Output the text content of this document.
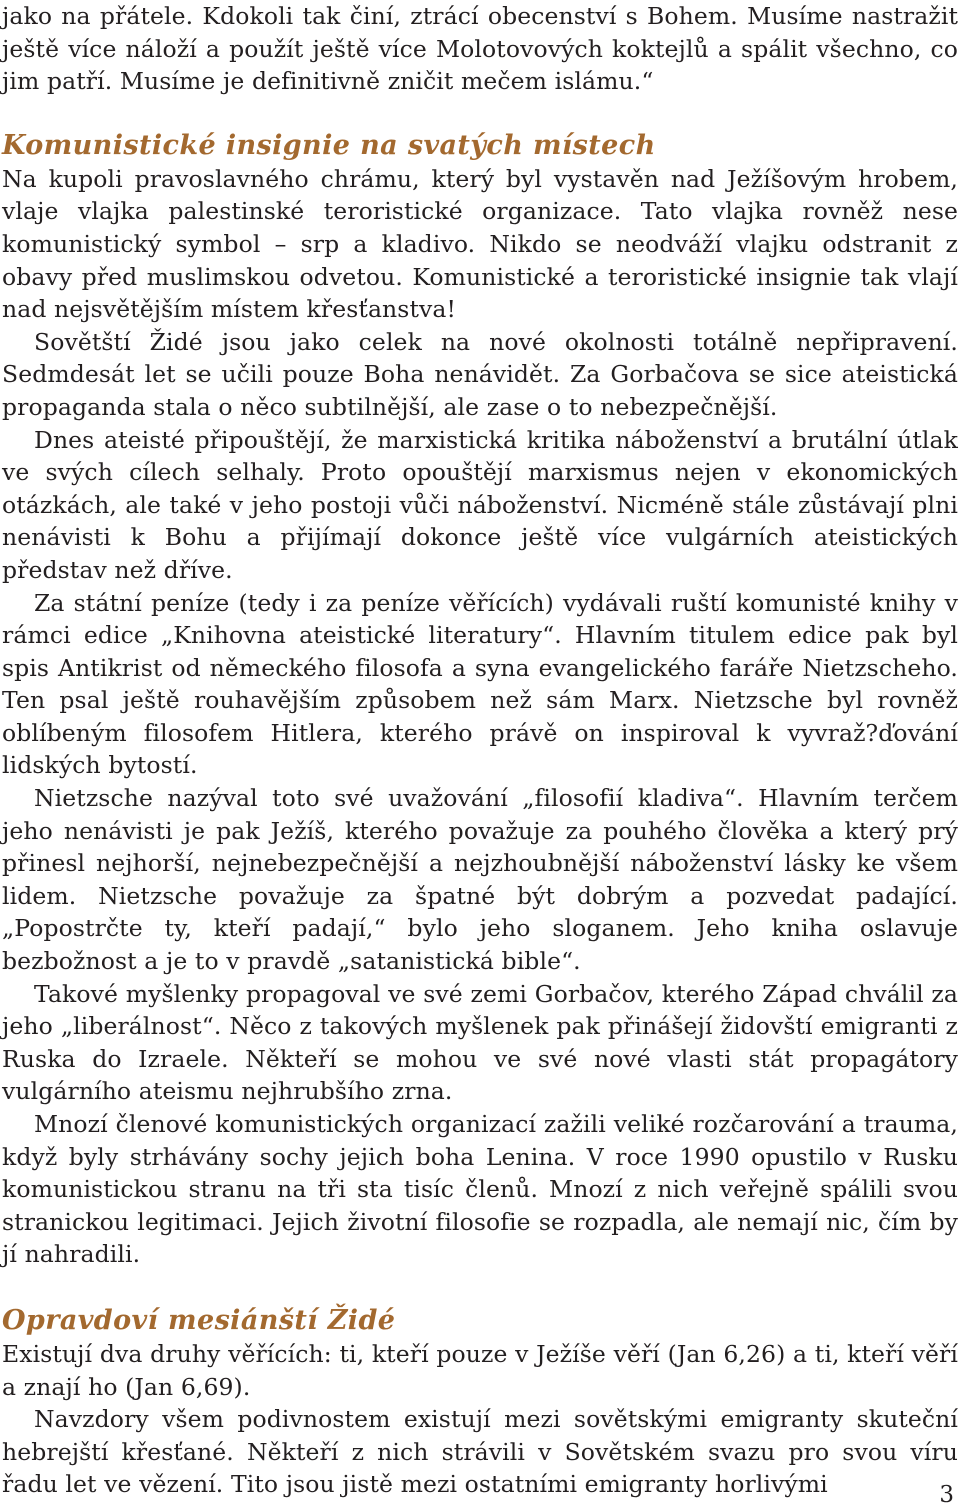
jako na přátele. Kdokoli tak činí, ztrácí obecenství s Bohem. Musíme nastražit ještě více náloží a použít ještě více Molotovových koktejlů a spálit všechno, co jim patří. Musíme je definitivně zničit mečem islámu.“

Komunistické insignie na svatých místech

Na kupoli pravoslavného chrámu, který byl vystavěn nad Ježíšovým hrobem, vlaje vlajka palestinské teroristické organizace. Tato vlajka rovněž nese komunistický symbol – srp a kladivo. Nikdo se neodváží vlajku odstranit z obavy před muslimskou odvetou. Komunistické a teroristické insignie tak vlají nad nejsvětějším místem křesťanstva!

Sovětští Židé jsou jako celek na nové okolnosti totálně nepřipravení. Sedmdesát let se učili pouze Boha nenávidět. Za Gorbačova se sice ateistická propaganda stala o něco subtilnější, ale zase o to nebezpečnější.

Dnes ateisté připouštějí, že marxistická kritika náboženství a brutální útlak ve svých cílech selhaly. Proto opouštějí marxismus nejen v ekonomických otázkách, ale také v jeho postoji vůči náboženství. Nicméně stále zůstávají plni nenávisti k Bohu a přijímají dokonce ještě více vulgárních ateistických představ než dříve.

Za státní peníze (tedy i za peníze věřících) vydávali ruští komunisté knihy v rámci edice „Knihovna ateistické literatury“. Hlavním titulem edice pak byl spis Antikrist od německého filosofa a syna evangelického faráře Nietzscheho. Ten psal ještě rouhavějším způsobem než sám Marx. Nietzsche byl rovněž oblíbeným filosofem Hitlera, kterého právě on inspiroval k vyvraž?ďování lidských bytostí.

Nietzsche nazýval toto své uvažování „filosofií kladiva“. Hlavním terčem jeho nenávisti je pak Ježíš, kterého považuje za pouhého člověka a který prý přinesl nejhorší, nejnebezpečnější a nejzhoubnější náboženství lásky ke všem lidem. Nietzsche považuje za špatné být dobrým a pozvedat padající. „Popostrčte ty, kteří padají,“ bylo jeho sloganem. Jeho kniha oslavuje bezbožnost a je to v pravdě „satanistická bible“.

Takové myšlenky propagoval ve své zemi Gorbačov, kterého Západ chválil za jeho „liberálnost“. Něco z takových myšlenek pak přinášejí židovští emigranti z Ruska do Izraele. Někteří se mohou ve své nové vlasti stát propagátory vulgárního ateismu nejhrubšího zrna.

Mnozí členové komunistických organizací zažili veliké rozčarování a trauma, když byly strhávány sochy jejich boha Lenina. V roce 1990 opustilo v Rusku komunistickou stranu na tři sta tisíc členů. Mnozí z nich veřejně spálili svou stranickou legitimaci. Jejich životní filosofie se rozpadla, ale nemají nic, čím by jí nahradili.

Opravdoví mesiánští Židé

Existují dva druhy věřících: ti, kteří pouze v Ježíše věří (Jan 6,26) a ti, kteří věří a znají ho (Jan 6,69).

Navzdory všem podivnostem existují mezi sovětskými emigranty skuteční hebrejští křesťané. Někteří z nich strávili v Sovětském svazu pro svou víru řadu let ve vězení. Tito jsou jistě mezi ostatními emigranty horlivými	3
